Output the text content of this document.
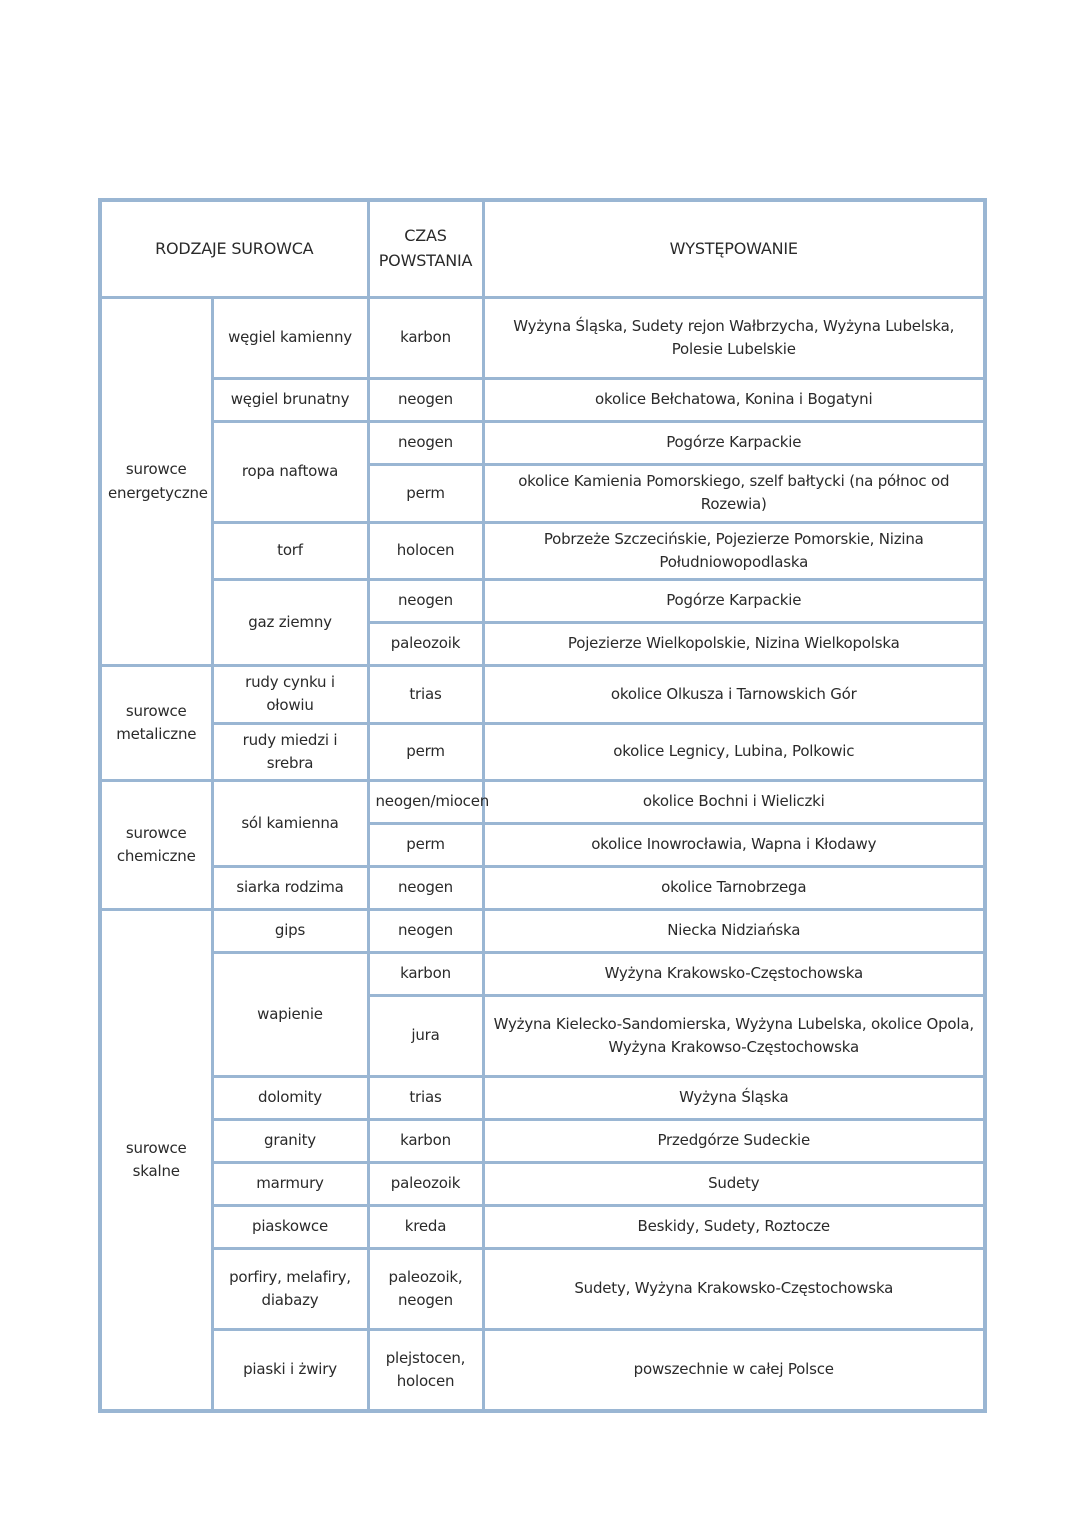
RODZAJE SUROWCA		CZAS POWSTANIA	WYSTĘPOWANIE
surowce energetyczne	węgiel kamienny	karbon	Wyżyna Śląska, Sudety rejon Wałbrzycha, Wyżyna Lubelska, Polesie Lubelskie
	węgiel brunatny	neogen	okolice Bełchatowa, Konina i Bogatyni
	ropa naftowa	neogen	Pogórze Karpackie
		perm	okolice Kamienia Pomorskiego, szelf bałtycki (na północ od Rozewia)
	torf	holocen	Pobrzeże Szczecińskie, Pojezierze Pomorskie, Nizina Południowopodlaska
	gaz ziemny	neogen	Pogórze Karpackie
		paleozoik	Pojezierze Wielkopolskie, Nizina Wielkopolska
surowce metaliczne	rudy cynku i ołowiu	trias	okolice Olkusza i Tarnowskich Gór
	rudy miedzi i srebra	perm	okolice Legnicy, Lubina, Polkowic
surowce chemiczne	sól kamienna	neogen/miocen	okolice Bochni i Wieliczki
		perm	okolice Inowrocławia, Wapna i Kłodawy
	siarka rodzima	neogen	okolice Tarnobrzega
surowce skalne	gips	neogen	Niecka Nidziańska
	wapienie	karbon	Wyżyna Krakowsko-Częstochowska
		jura	Wyżyna Kielecko-Sandomierska, Wyżyna Lubelska, okolice Opola, Wyżyna Krakowso-Częstochowska
	dolomity	trias	Wyżyna Śląska
	granity	karbon	Przedgórze Sudeckie
	marmury	paleozoik	Sudety
	piaskowce	kreda	Beskidy, Sudety, Roztocze
	porfiry, melafiry, diabazy	paleozoik, neogen	Sudety, Wyżyna Krakowsko-Częstochowska
	piaski i żwiry	plejstocen, holocen	powszechnie w całej Polsce
